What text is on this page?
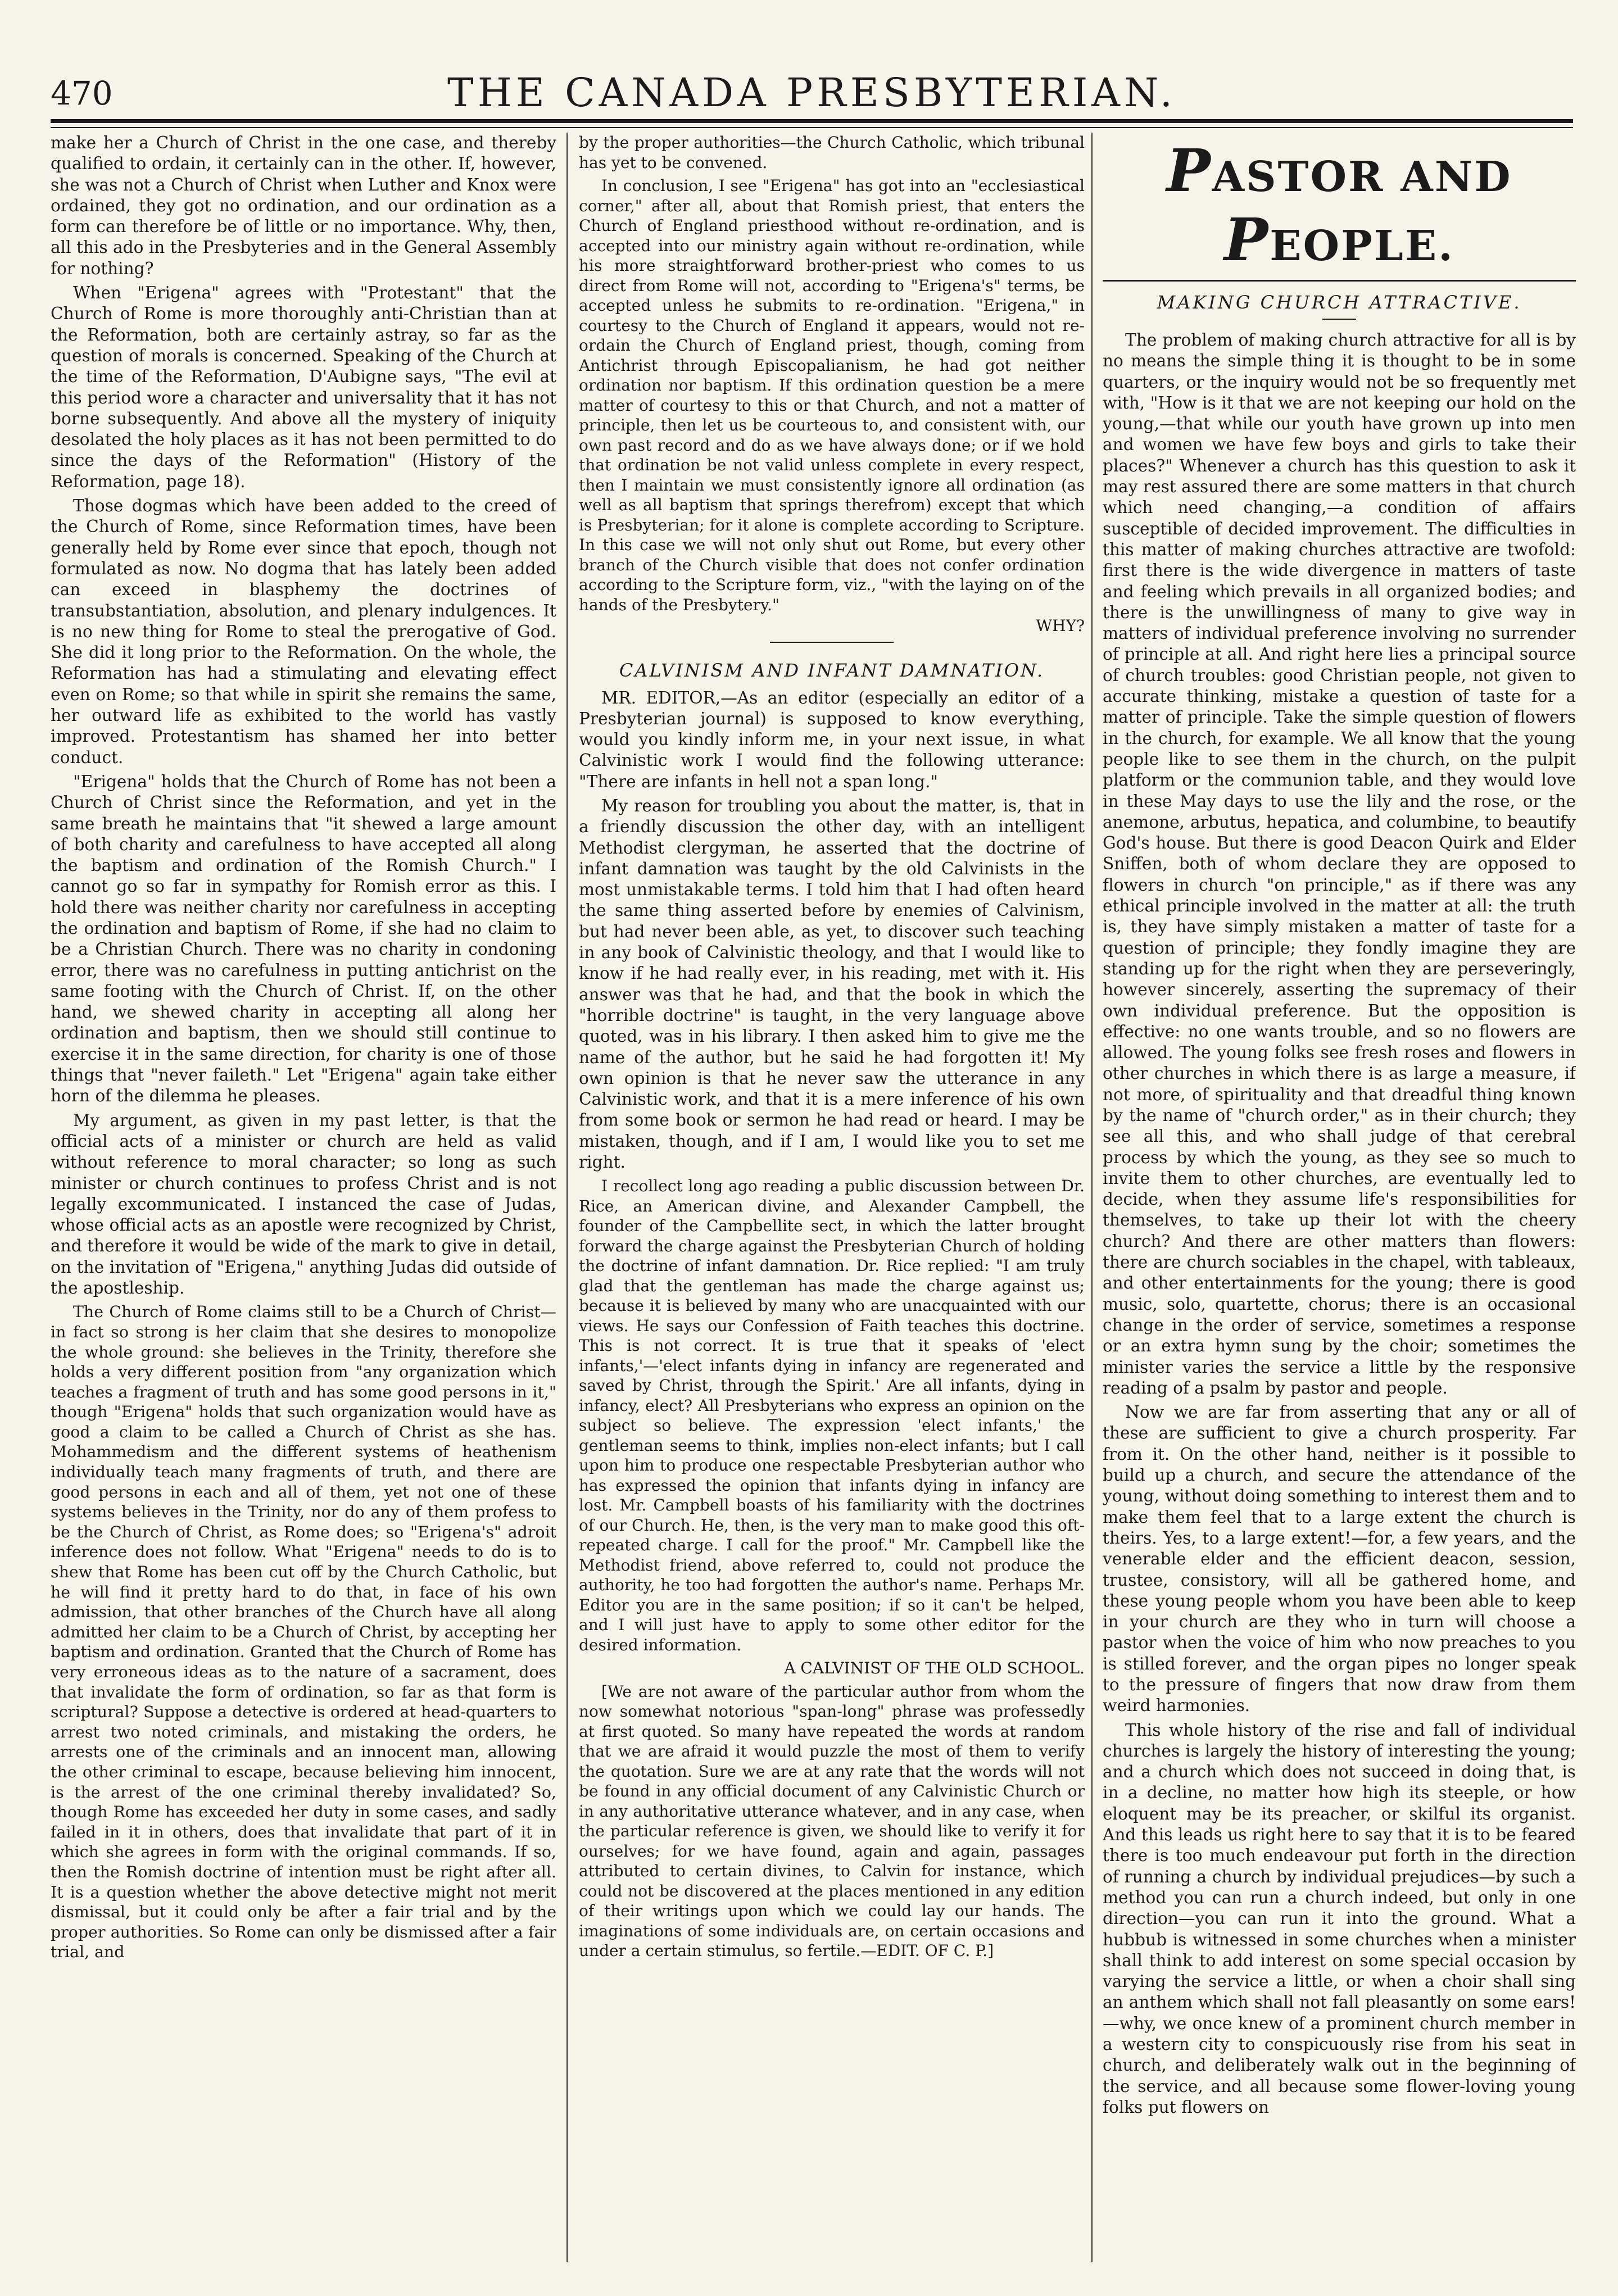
470	THE CANADA PRESBYTERIAN.

make her a Church of Christ in the one case, and thereby qualified to ordain, it certainly can in the other. If, however, she was not a Church of Christ when Luther and Knox were ordained, they got no ordination, and our ordination as a form can therefore be of little or no importance. Why, then, all this ado in the Presbyteries and in the General Assembly for nothing?

When "Erigena" agrees with "Protestant" that the Church of Rome is more thoroughly anti-Christian than at the Reformation, both are certainly astray, so far as the question of morals is concerned. Speaking of the Church at the time of the Reformation, D'Aubigne says, "The evil at this period wore a character and universality that it has not borne subsequently. And above all the mystery of iniquity desolated the holy places as it has not been permitted to do since the days of the Reformation" (History of the Reformation, page 18).

Those dogmas which have been added to the creed of the Church of Rome, since Reformation times, have been generally held by Rome ever since that epoch, though not formulated as now. No dogma that has lately been added can exceed in blasphemy the doctrines of transubstantiation, absolution, and plenary indulgences. It is no new thing for Rome to steal the prerogative of God. She did it long prior to the Reformation. On the whole, the Reformation has had a stimulating and elevating effect even on Rome; so that while in spirit she remains the same, her outward life as exhibited to the world has vastly improved. Protestantism has shamed her into better conduct.

"Erigena" holds that the Church of Rome has not been a Church of Christ since the Reformation, and yet in the same breath he maintains that "it shewed a large amount of both charity and carefulness to have accepted all along the baptism and ordination of the Romish Church." I cannot go so far in sympathy for Romish error as this. I hold there was neither charity nor carefulness in accepting the ordination and baptism of Rome, if she had no claim to be a Christian Church. There was no charity in condoning error, there was no carefulness in putting antichrist on the same footing with the Church of Christ. If, on the other hand, we shewed charity in accepting all along her ordination and baptism, then we should still continue to exercise it in the same direction, for charity is one of those things that "never faileth." Let "Erigena" again take either horn of the dilemma he pleases.

My argument, as given in my past letter, is that the official acts of a minister or church are held as valid without reference to moral character; so long as such minister or church continues to profess Christ and is not legally excommunicated. I instanced the case of Judas, whose official acts as an apostle were recognized by Christ, and therefore it would be wide of the mark to give in detail, on the invitation of "Erigena," anything Judas did outside of the apostleship.

The Church of Rome claims still to be a Church of Christ—in fact so strong is her claim that she desires to monopolize the whole ground: she believes in the Trinity, therefore she holds a very different position from "any organization which teaches a fragment of truth and has some good persons in it," though "Erigena" holds that such organization would have as good a claim to be called a Church of Christ as she has. Mohammedism and the different systems of heathenism individually teach many fragments of truth, and there are good persons in each and all of them, yet not one of these systems believes in the Trinity, nor do any of them profess to be the Church of Christ, as Rome does; so "Erigena's" adroit inference does not follow. What "Erigena" needs to do is to shew that Rome has been cut off by the Church Catholic, but he will find it pretty hard to do that, in face of his own admission, that other branches of the Church have all along admitted her claim to be a Church of Christ, by accepting her baptism and ordination. Granted that the Church of Rome has very erroneous ideas as to the nature of a sacrament, does that invalidate the form of ordination, so far as that form is scriptural? Suppose a detective is ordered at head-quarters to arrest two noted criminals, and mistaking the orders, he arrests one of the criminals and an innocent man, allowing the other criminal to escape, because believing him innocent, is the arrest of the one criminal thereby invalidated? So, though Rome has exceeded her duty in some cases, and sadly failed in it in others, does that invalidate that part of it in which she agrees in form with the original commands. If so, then the Romish doctrine of intention must be right after all. It is a question whether the above detective might not merit dismissal, but it could only be after a fair trial and by the proper authorities. So Rome can only be dismissed after a fair trial, and

by the proper authorities—the Church Catholic, which tribunal has yet to be convened.

In conclusion, I see "Erigena" has got into an "ecclesiastical corner," after all, about that Romish priest, that enters the Church of England priesthood without re-ordination, and is accepted into our ministry again without re-ordination, while his more straightforward brother-priest who comes to us direct from Rome will not, according to "Erigena's" terms, be accepted unless he submits to re-ordination. "Erigena," in courtesy to the Church of England it appears, would not re-ordain the Church of England priest, though, coming from Antichrist through Episcopalianism, he had got neither ordination nor baptism. If this ordination question be a mere matter of courtesy to this or that Church, and not a matter of principle, then let us be courteous to, and consistent with, our own past record and do as we have always done; or if we hold that ordination be not valid unless complete in every respect, then I maintain we must consistently ignore all ordination (as well as all baptism that springs therefrom) except that which is Presbyterian; for it alone is complete according to Scripture. In this case we will not only shut out Rome, but every other branch of the Church visible that does not confer ordination according to the Scripture form, viz., "with the laying on of the hands of the Presbytery."

WHY?

CALVINISM AND INFANT DAMNATION.

MR. EDITOR,—As an editor (especially an editor of a Presbyterian journal) is supposed to know everything, would you kindly inform me, in your next issue, in what Calvinistic work I would find the following utterance: "There are infants in hell not a span long."

My reason for troubling you about the matter, is, that in a friendly discussion the other day, with an intelligent Methodist clergyman, he asserted that the doctrine of infant damnation was taught by the old Calvinists in the most unmistakable terms. I told him that I had often heard the same thing asserted before by enemies of Calvinism, but had never been able, as yet, to discover such teaching in any book of Calvinistic theology, and that I would like to know if he had really ever, in his reading, met with it. His answer was that he had, and that the book in which the "horrible doctrine" is taught, in the very language above quoted, was in his library. I then asked him to give me the name of the author, but he said he had forgotten it! My own opinion is that he never saw the utterance in any Calvinistic work, and that it is a mere inference of his own from some book or sermon he had read or heard. I may be mistaken, though, and if I am, I would like you to set me right.

I recollect long ago reading a public discussion between Dr. Rice, an American divine, and Alexander Campbell, the founder of the Campbellite sect, in which the latter brought forward the charge against the Presbyterian Church of holding the doctrine of infant damnation. Dr. Rice replied: "I am truly glad that the gentleman has made the charge against us; because it is believed by many who are unacquainted with our views. He says our Confession of Faith teaches this doctrine. This is not correct. It is true that it speaks of 'elect infants,'—'elect infants dying in infancy are regenerated and saved by Christ, through the Spirit.' Are all infants, dying in infancy, elect? All Presbyterians who express an opinion on the subject so believe. The expression 'elect infants,' the gentleman seems to think, implies non-elect infants; but I call upon him to produce one respectable Presbyterian author who has expressed the opinion that infants dying in infancy are lost. Mr. Campbell boasts of his familiarity with the doctrines of our Church. He, then, is the very man to make good this oft-repeated charge. I call for the proof." Mr. Campbell like the Methodist friend, above referred to, could not produce the authority, he too had forgotten the author's name. Perhaps Mr. Editor you are in the same position; if so it can't be helped, and I will just have to apply to some other editor for the desired information.

A CALVINIST OF THE OLD SCHOOL.

[We are not aware of the particular author from whom the now somewhat notorious "span-long" phrase was professedly at first quoted. So many have repeated the words at random that we are afraid it would puzzle the most of them to verify the quotation. Sure we are at any rate that the words will not be found in any official document of any Calvinistic Church or in any authoritative utterance whatever, and in any case, when the particular reference is given, we should like to verify it for ourselves; for we have found, again and again, passages attributed to certain divines, to Calvin for instance, which could not be discovered at the places mentioned in any edition of their writings upon which we could lay our hands. The imaginations of some individuals are, on certain occasions and under a certain stimulus, so fertile.—EDIT. OF C. P.]

PASTOR AND PEOPLE.
MAKING CHURCH ATTRACTIVE.

The problem of making church attractive for all is by no means the simple thing it is thought to be in some quarters, or the inquiry would not be so frequently met with, "How is it that we are not keeping our hold on the young,—that while our youth have grown up into men and women we have few boys and girls to take their places?" Whenever a church has this question to ask it may rest assured there are some matters in that church which need changing,—a condition of affairs susceptible of decided improvement. The difficulties in this matter of making churches attractive are twofold: first there is the wide divergence in matters of taste and feeling which prevails in all organized bodies; and there is the unwillingness of many to give way in matters of individual preference involving no surrender of principle at all. And right here lies a principal source of church troubles: good Christian people, not given to accurate thinking, mistake a question of taste for a matter of principle. Take the simple question of flowers in the church, for example. We all know that the young people like to see them in the church, on the pulpit platform or the communion table, and they would love in these May days to use the lily and the rose, or the anemone, arbutus, hepatica, and columbine, to beautify God's house. But there is good Deacon Quirk and Elder Sniffen, both of whom declare they are opposed to flowers in church "on principle," as if there was any ethical principle involved in the matter at all: the truth is, they have simply mistaken a matter of taste for a question of principle; they fondly imagine they are standing up for the right when they are perseveringly, however sincerely, asserting the supremacy of their own individual preference. But the opposition is effective: no one wants trouble, and so no flowers are allowed. The young folks see fresh roses and flowers in other churches in which there is as large a measure, if not more, of spirituality and that dreadful thing known by the name of "church order," as in their church; they see all this, and who shall judge of that cerebral process by which the young, as they see so much to invite them to other churches, are eventually led to decide, when they assume life's responsibilities for themselves, to take up their lot with the cheery church? And there are other matters than flowers: there are church sociables in the chapel, with tableaux, and other entertainments for the young; there is good music, solo, quartette, chorus; there is an occasional change in the order of service, sometimes a response or an extra hymn sung by the choir; sometimes the minister varies the service a little by the responsive reading of a psalm by pastor and people.

Now we are far from asserting that any or all of these are sufficient to give a church prosperity. Far from it. On the other hand, neither is it possible to build up a church, and secure the attendance of the young, without doing something to interest them and to make them feel that to a large extent the church is theirs. Yes, to a large extent!—for, a few years, and the venerable elder and the efficient deacon, session, trustee, consistory, will all be gathered home, and these young people whom you have been able to keep in your church are they who in turn will choose a pastor when the voice of him who now preaches to you is stilled forever, and the organ pipes no longer speak to the pressure of fingers that now draw from them weird harmonies.

This whole history of the rise and fall of individual churches is largely the history of interesting the young; and a church which does not succeed in doing that, is in a decline, no matter how high its steeple, or how eloquent may be its preacher, or skilful its organist. And this leads us right here to say that it is to be feared there is too much endeavour put forth in the direction of running a church by individual prejudices—by such a method you can run a church indeed, but only in one direction—you can run it into the ground. What a hubbub is witnessed in some churches when a minister shall think to add interest on some special occasion by varying the service a little, or when a choir shall sing an anthem which shall not fall pleasantly on some ears!—why, we once knew of a prominent church member in a western city to conspicuously rise from his seat in church, and deliberately walk out in the beginning of the service, and all because some flower-loving young folks put flowers on
